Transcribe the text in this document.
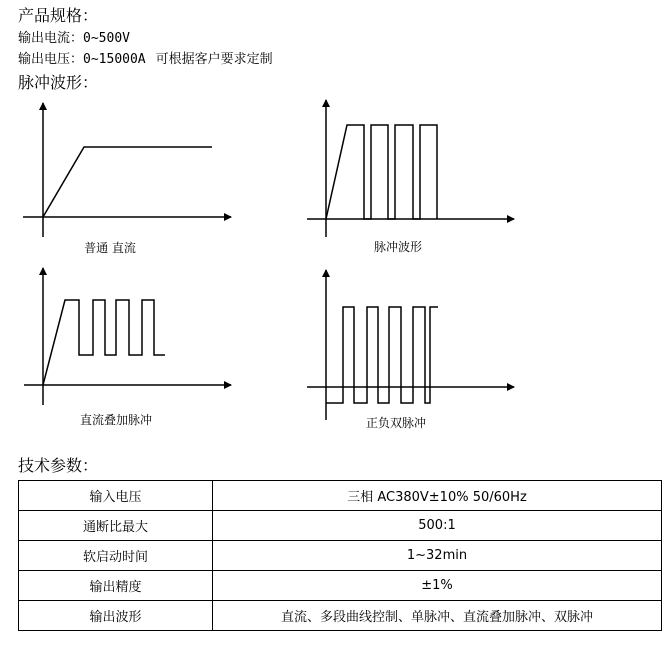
产品规格：
输出电流：0~500V
输出电压：0~15000A 可根据客户要求定制
脉冲波形：
普通 直流	脉冲波形
直流叠加脉冲	正负双脉冲
技术参数：
输入电压	三相 AC380V±10% 50/60Hz
通断比最大	500:1
软启动时间	1~32min
输出精度	±1%
输出波形	直流、多段曲线控制、单脉冲、直流叠加脉冲、双脉冲
